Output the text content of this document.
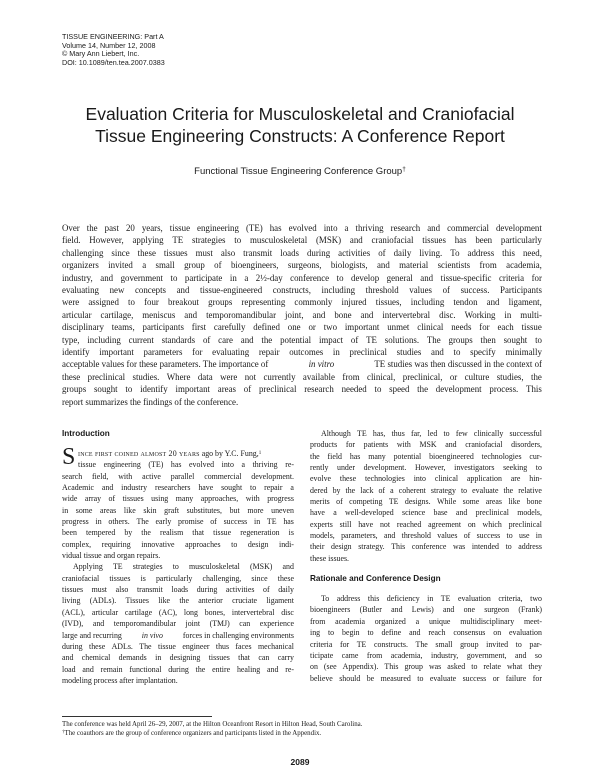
TISSUE ENGINEERING: Part A
Volume 14, Number 12, 2008
© Mary Ann Liebert, Inc.
DOI: 10.1089/ten.tea.2007.0383
Evaluation Criteria for Musculoskeletal and Craniofacial
Tissue Engineering Constructs: A Conference Report
Functional Tissue Engineering Conference Group†
Over the past 20 years, tissue engineering (TE) has evolved into a thriving research and commercial development
field. However, applying TE strategies to musculoskeletal (MSK) and craniofacial tissues has been particularly
challenging since these tissues must also transmit loads during activities of daily living. To address this need,
organizers invited a small group of bioengineers, surgeons, biologists, and material scientists from academia,
industry, and government to participate in a 2½-day conference to develop general and tissue-specific criteria for
evaluating new concepts and tissue-engineered constructs, including threshold values of success. Participants
were assigned to four breakout groups representing commonly injured tissues, including tendon and ligament,
articular cartilage, meniscus and temporomandibular joint, and bone and intervertebral disc. Working in multi-
disciplinary teams, participants first carefully defined one or two important unmet clinical needs for each tissue
type, including current standards of care and the potential impact of TE solutions. The groups then sought to
identify important parameters for evaluating repair outcomes in preclinical studies and to specify minimally
acceptable values for these parameters. The importance of
	in vitro
	TE studies was then discussed in the context of
these preclinical studies. Where data were not currently available from clinical, preclinical, or culture studies, the
groups sought to identify important areas of preclinical research needed to speed the development process. This
report summarizes the findings of the conference.
Introduction
S ince first coined almost 20 years ago by Y.C. Fung,$^1$
tissue engineering (TE) has evolved into a thriving re-
search field, with active parallel commercial development.
Academic and industry researchers have sought to repair a
wide array of tissues using many approaches, with progress
in some areas like skin graft substitutes, but more uneven
progress in others. The early promise of success in TE has
been tempered by the realism that tissue regeneration is
complex, requiring innovative approaches to design indi-
vidual tissue and organ repairs.
Applying TE strategies to musculoskeletal (MSK) and
craniofacial tissues is particularly challenging, since these
tissues must also transmit loads during activities of daily
living (ADLs). Tissues like the anterior cruciate ligament
(ACL), articular cartilage (AC), long bones, intervertebral disc
(IVD), and temporomandibular joint (TMJ) can experience
large and recurring
	in vivo
	forces in challenging environments
during these ADLs. The tissue engineer thus faces mechanical
and chemical demands in designing tissues that can carry
load and remain functional during the entire healing and re-
modeling process after implantation.
Although TE has, thus far, led to few clinically successful
products for patients with MSK and craniofacial disorders,
the field has many potential bioengineered technologies cur-
rently under development. However, investigators seeking to
evolve these technologies into clinical application are hin-
dered by the lack of a coherent strategy to evaluate the relative
merits of competing TE designs. While some areas like bone
have a well-developed science base and preclinical models,
experts still have not reached agreement on which preclinical
models, parameters, and threshold values of success to use in
their design strategy. This conference was intended to address
these issues.
Rationale and Conference Design
To address this deficiency in TE evaluation criteria, two
bioengineers (Butler and Lewis) and one surgeon (Frank)
from academia organized a unique multidisciplinary meet-
ing to begin to define and reach consensus on evaluation
criteria for TE constructs. The small group invited to par-
ticipate came from academia, industry, government, and so
on (see Appendix). This group was asked to relate what they
believe should be measured to evaluate success or failure for
The conference was held April 26–29, 2007, at the Hilton Oceanfront Resort in Hilton Head, South Carolina.
†The coauthors are the group of conference organizers and participants listed in the Appendix.
2089
